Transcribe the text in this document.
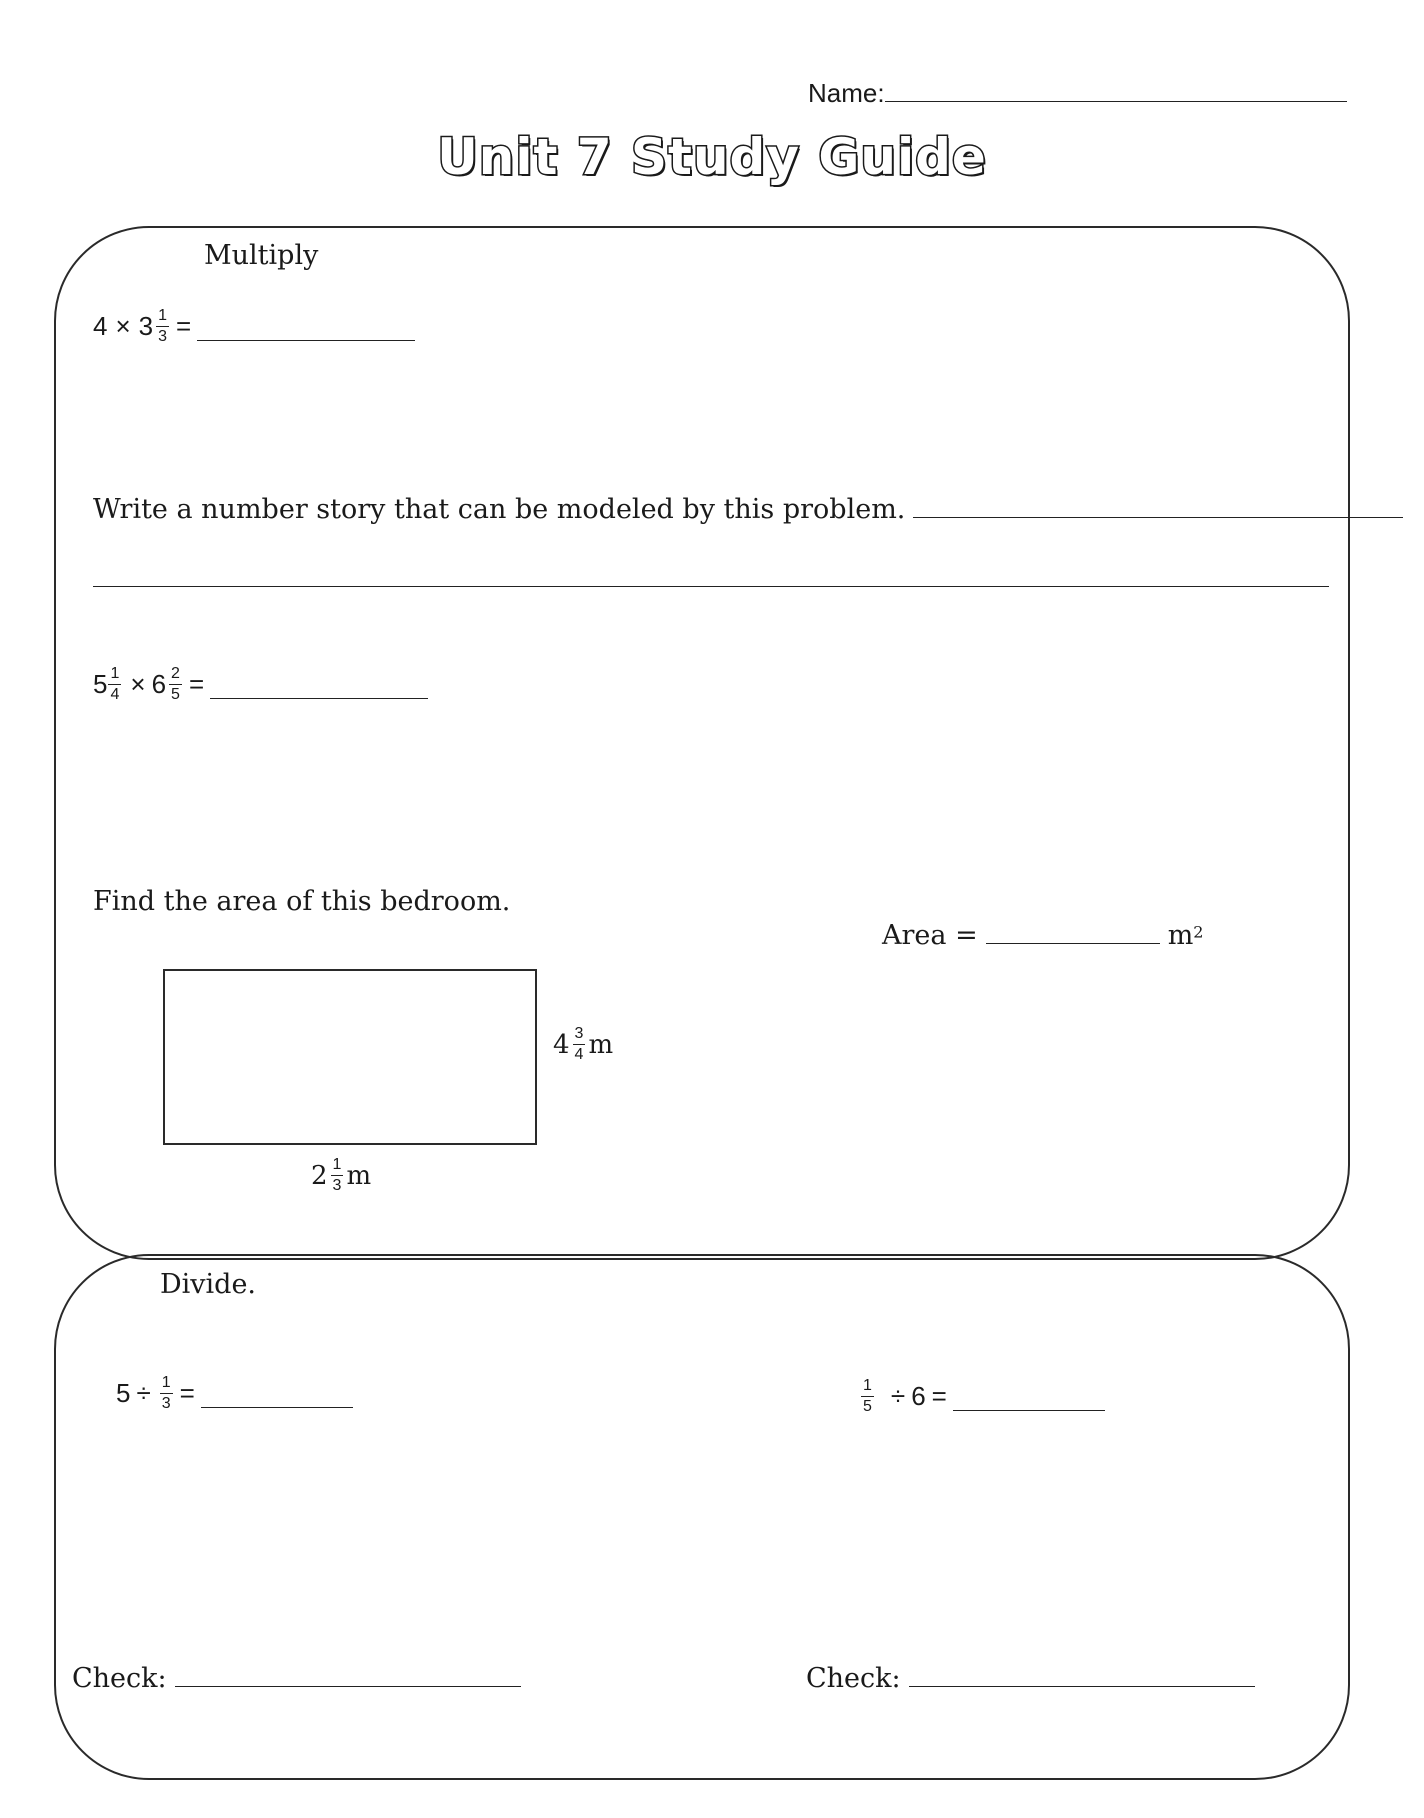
Name:
Unit 7 Study Guide
Multiply
$4 \times 3 \frac{1}{3}$ =
Write a number story that can be modeled by this problem.
$5 \frac{1}{4} \times 6 \frac{2}{5}$ =
Find the area of this bedroom.
Area =	$m^2$
$4 \frac{3}{4}$ m
$2 \frac{1}{3}$ m
Divide.
$5 \div \frac{1}{3}$ =	$\frac{1}{5} \div 6$ =
Check:	Check:
